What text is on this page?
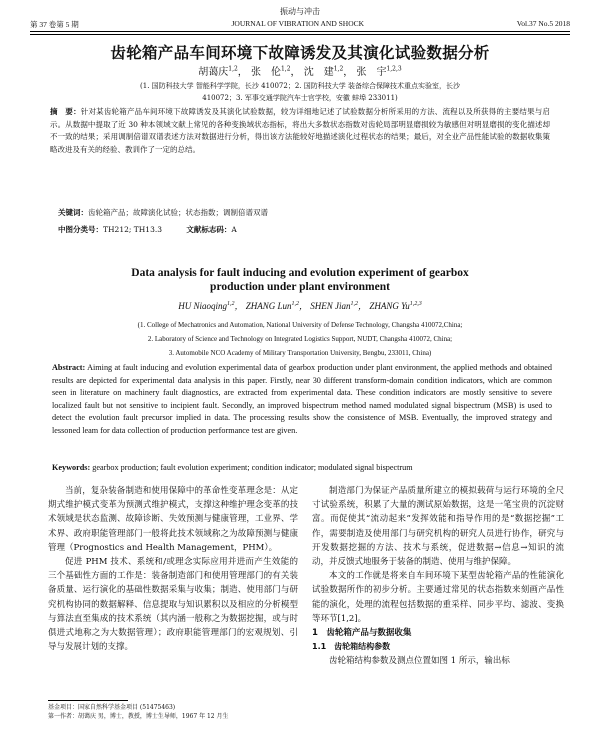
振动与冲击
第 37 卷第 5 期	JOURNAL OF VIBRATION AND SHOCK	Vol.37 No.5 2018
齿轮箱产品车间环境下故障诱发及其演化试验数据分析
胡蔼庆$^{1,2}$， 张　伦$^{1,2}$， 沈　建$^{1,2}$， 张　宇$^{1,2,3}$
(1. 国防科技大学 智能科学学院，长沙 410072；2. 国防科技大学 装备综合保障技术重点实验室，长沙
410072；3. 军事交通学院汽车士官学校，安徽 蚌埠 233011)
摘　要：针对某齿轮箱产品车间环境下故障诱发及其演化试验数据，较为详细地记述了试验数据分析所采用的方法、流程以及所获得的主要结果与启示。从数据中提取了近 30 种本领域文献上常见的各种变换域状态指标，将出大多数状态指数对齿轮局部明显磨损较为敏感但对明显磨损的变化描述却不一致的结果；采用调制倍谱双谱表述方法对数据进行分析，得出该方法能较好地描述演化过程状态的结果；最后，对全业产品性能试验的数据收集策略改进及有关的经验、教训作了一定的总结。
关键词：齿轮箱产品；故障演化试验；状态指数；调制倍谱双谱
中图分类号：TH212; TH13.3	文献标志码：A
Data analysis for fault inducing and evolution experiment of gearbox
production under plant environment
HU Niaoqing$^{1,2}$， ZHANG Lun$^{1,2}$， SHEN Jian$^{1,2}$， ZHANG Yu$^{1,2,3}$
(1. College of Mechatronics and Automation, National University of Defense Technology, Changsha 410072,China;
2. Laboratory of Science and Technology on Integrated Logistics Support, NUDT, Changsha 410072, China;
3. Automobile NCO Academy of Military Transportation University, Bengbu, 233011, China)
Abstract: Aiming at fault inducing and evolution experimental data of gearbox production under plant environment, the applied methods and obtained results are depicted for experimental data analysis in this paper. Firstly, near 30 different transform-domain condition indicators, which are common seen in literature on machinery fault diagnostics, are extracted from experimental data. These condition indicators are mostly sensitive to severe localized fault but not sensitive to incipient fault. Secondly, an improved bispectrum method named modulated signal bispectrum (MSB) is used to detect the evolution fault precursor implied in data. The processing results show the consistence of MSB. Eventually, the improved strategy and lessoned leam for data collection of production performance test are given.
Keywords: gearbox production; fault evolution experiment; condition indicator; modulated signal bispectrum

当前，复杂装备制造和使用保障中的革命性变革理念是：从定期式维护模式变革为预测式维护模式，支撑这种维护理念变革的技术领域是状态监测、故障诊断、失效预测与健康管理，工业界、学术界、政府职能管理部门一般将此技术领域称之为故障预测与健康管理（Prognostics and Health Management，PHM）。

促进 PHM 技术、系统和/或理念实际应用并进而产生效能的三个基础性方面的工作是：装备制造部门和使用管理部门的有关装备质量、运行演化的基础性数据采集与收集；制造、使用部门与研究机构协同的数据解释、信息提取与知识累积以及相应的分析模型与算法直至集成的技术系统（其内涵一般称之为数据挖掘，或与时俱进式地称之为大数据管理）；政府职能管理部门的宏观规划、引导与发展计划的支撑。

制造部门为保证产品质量所建立的模拟载荷与运行环境的全尺寸试验系统，积累了大量的测试原始数据，这是一笔宝贵的沉淀财富。而促使其“流动起来”发挥效能和指导作用的是“数据挖掘”工作，需要制造及使用部门与研究机构的研究人员进行协作，研究与开发数据挖掘的方法、技术与系统，促进数据→信息→知识的流动，并反馈式地服务于装备的制造、使用与维护保障。

本文的工作就是将来自车间环境下某型齿轮箱产品的性能演化试验数据所作的初步分析。主要通过常见的状态指数来刻画产品性能的演化，处理的流程包括数据的重采样、同步平均、滤波、变换等环节[1,2]。

1　齿轮箱产品与数据收集

1.1　齿轮箱结构参数

齿轮箱结构参数及测点位置如图 1 所示，输出标

基金项目：国家自然科学基金项目 (51475463)
第一作者：胡蔼庆 男，博士，教授，博士生导师，1967 年 12 月生
